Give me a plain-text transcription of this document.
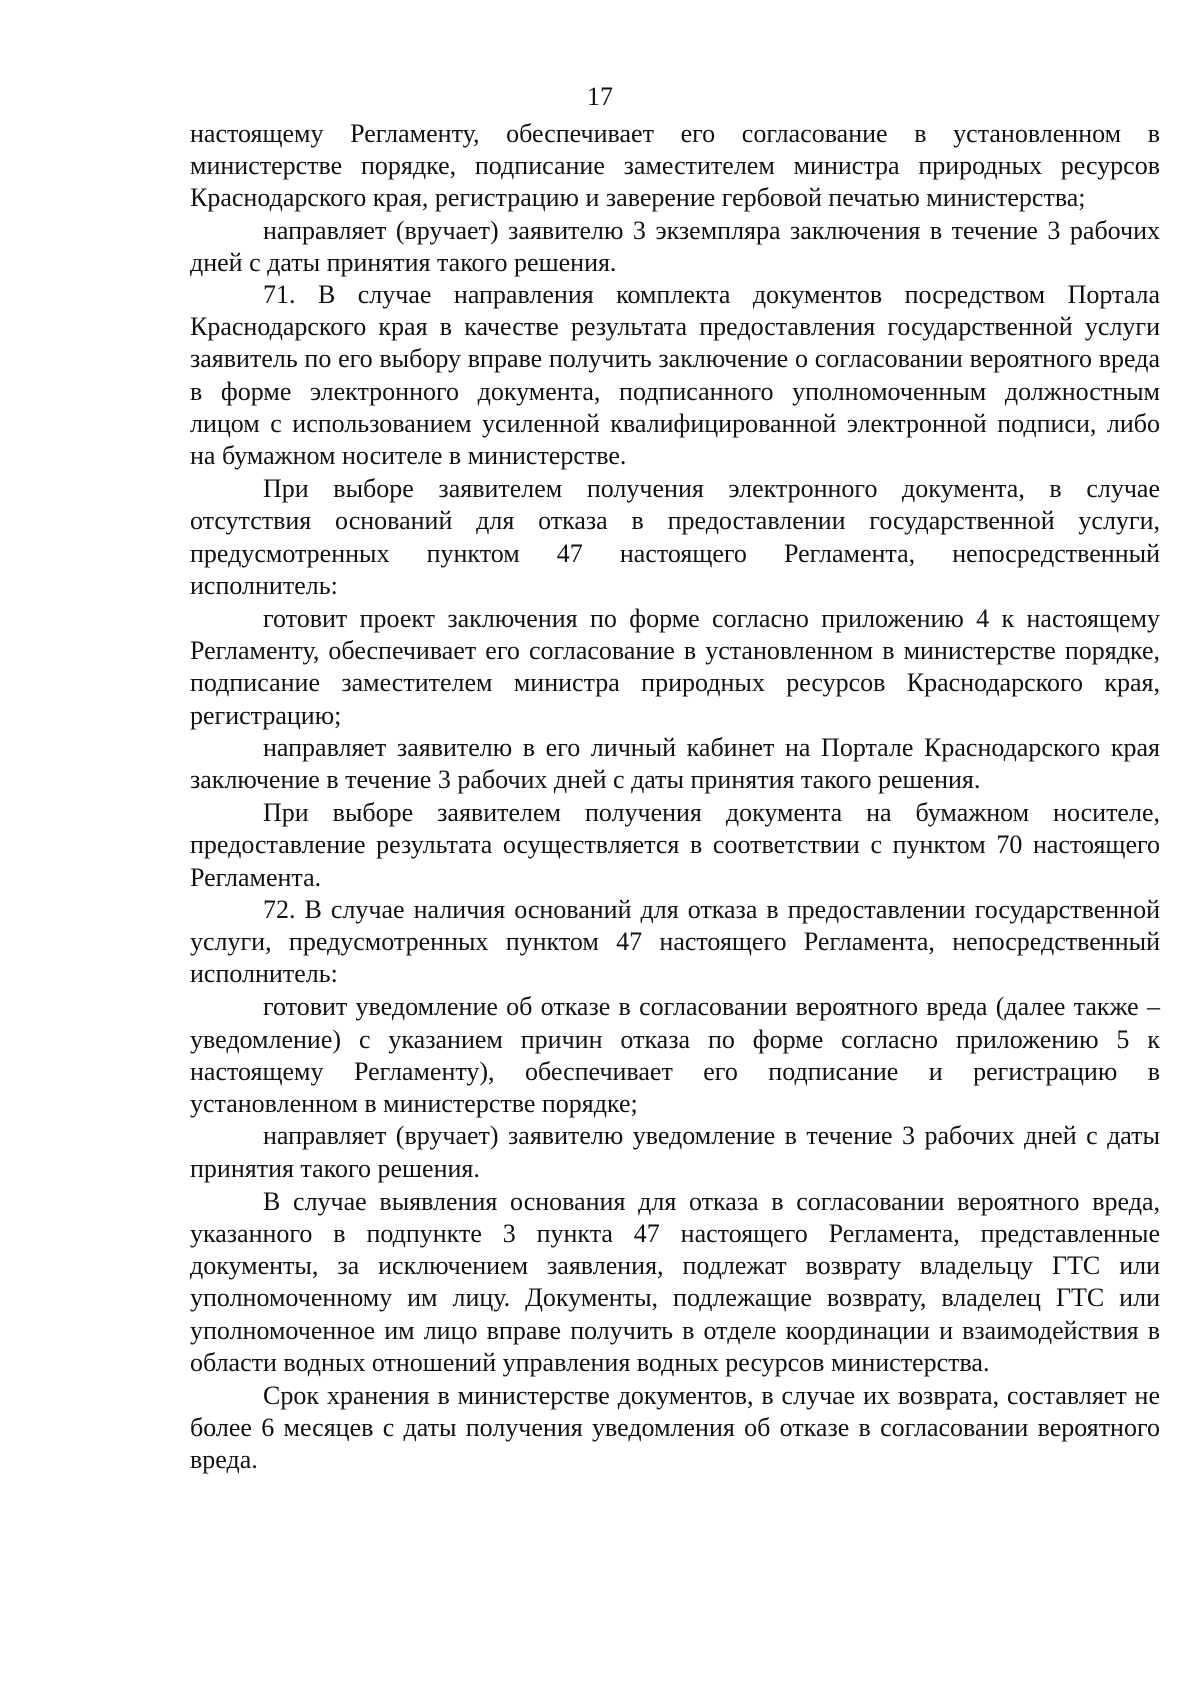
17

настоящему Регламенту, обеспечивает его согласование в установленном в министерстве порядке, подписание заместителем министра природных ресурсов Краснодарского края, регистрацию и заверение гербовой печатью министерства;

направляет (вручает) заявителю 3 экземпляра заключения в течение 3 рабочих дней с даты принятия такого решения.

71. В случае направления комплекта документов посредством Портала Краснодарского края в качестве результата предоставления государственной услуги заявитель по его выбору вправе получить заключение о согласовании вероятного вреда в форме электронного документа, подписанного уполномоченным должностным лицом с использованием усиленной квалифицированной электронной подписи, либо на бумажном носителе в министерстве.

При выборе заявителем получения электронного документа, в случае отсутствия оснований для отказа в предоставлении государственной услуги, предусмотренных пунктом 47 настоящего Регламента, непосредственный исполнитель:

готовит проект заключения по форме согласно приложению 4 к настоящему Регламенту, обеспечивает его согласование в установленном в министерстве порядке, подписание заместителем министра природных ресурсов Краснодарского края, регистрацию;

направляет заявителю в его личный кабинет на Портале Краснодарского края заключение в течение 3 рабочих дней с даты принятия такого решения.

При выборе заявителем получения документа на бумажном носителе, предоставление результата осуществляется в соответствии с пунктом 70 настоящего Регламента.

72. В случае наличия оснований для отказа в предоставлении государственной услуги, предусмотренных пунктом 47 настоящего Регламента, непосредственный исполнитель:

готовит уведомление об отказе в согласовании вероятного вреда (далее также – уведомление) с указанием причин отказа по форме согласно приложению 5 к настоящему Регламенту), обеспечивает его подписание и регистрацию в установленном в министерстве порядке;

направляет (вручает) заявителю уведомление в течение 3 рабочих дней с даты принятия такого решения.

В случае выявления основания для отказа в согласовании вероятного вреда, указанного в подпункте 3 пункта 47 настоящего Регламента, представленные документы, за исключением заявления, подлежат возврату владельцу ГТС или уполномоченному им лицу. Документы, подлежащие возврату, владелец ГТС или уполномоченное им лицо вправе получить в отделе координации и взаимодействия в области водных отношений управления водных ресурсов министерства.

Срок хранения в министерстве документов, в случае их возврата, составляет не более 6 месяцев с даты получения уведомления об отказе в согласовании вероятного вреда.
